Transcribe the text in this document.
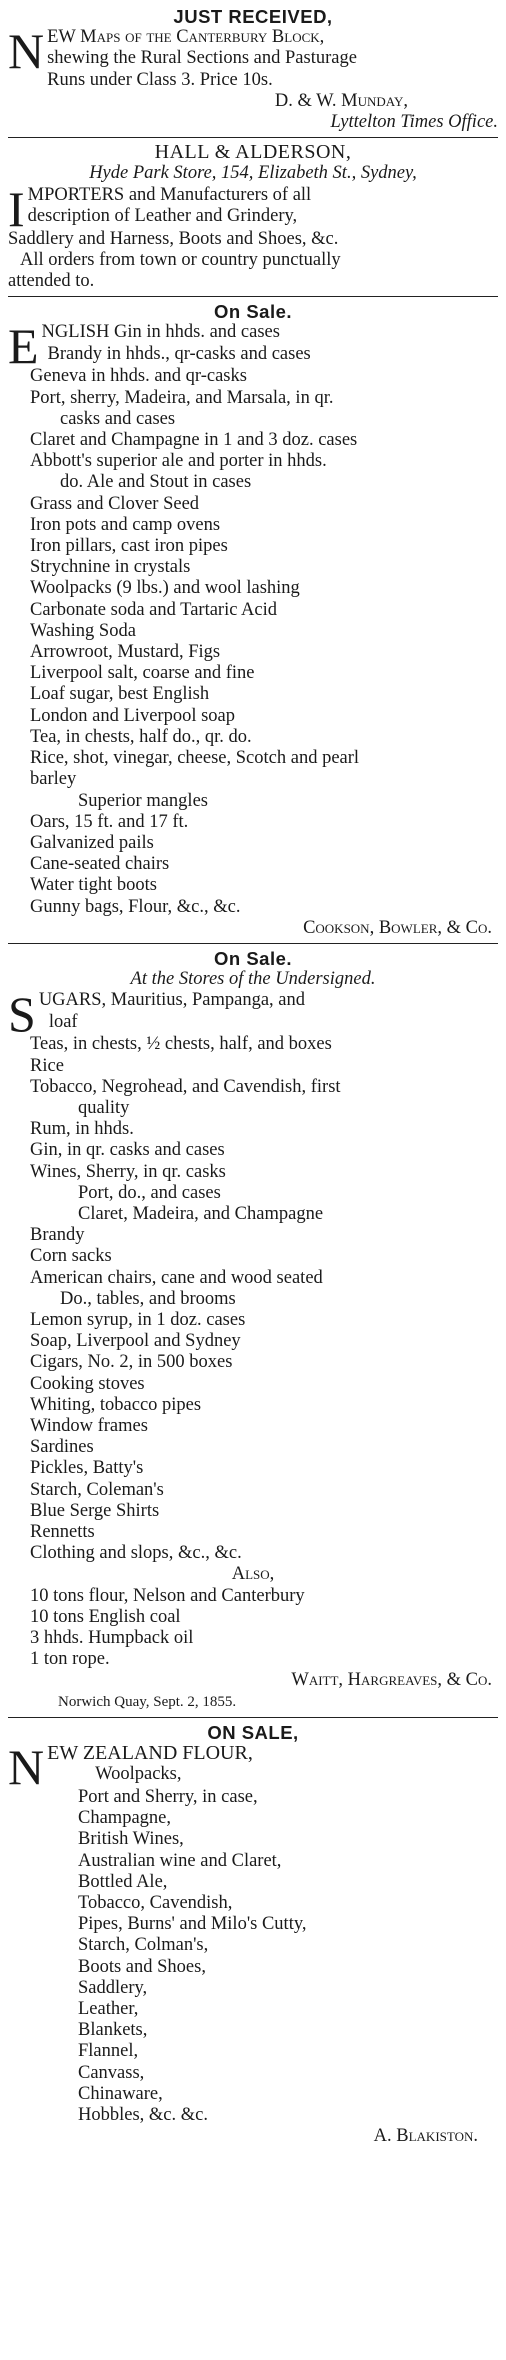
JUST RECEIVED,
N EW Maps of the Canterbury Block,
shewing the Rural Sections and Pasturage
Runs under Class 3. Price 10s.
D. & W. Munday,
Lyttelton Times Office.
HALL & ALDERSON,
Hyde Park Store, 154, Elizabeth St., Sydney,
I MPORTERS and Manufacturers of all
description of Leather and Grindery,
Saddlery and Harness, Boots and Shoes, &c.
All orders from town or country punctually
attended to.
On Sale.
E NGLISH Gin in hhds. and cases
Brandy in hhds., qr-casks and cases
Geneva in hhds. and qr-casks
Port, sherry, Madeira, and Marsala, in qr.
casks and cases
Claret and Champagne in 1 and 3 doz. cases
Abbott's superior ale and porter in hhds.
do. Ale and Stout in cases
Grass and Clover Seed
Iron pots and camp ovens
Iron pillars, cast iron pipes
Strychnine in crystals
Woolpacks (9 lbs.) and wool lashing
Carbonate soda and Tartaric Acid
Washing Soda
Arrowroot, Mustard, Figs
Liverpool salt, coarse and fine
Loaf sugar, best English
London and Liverpool soap
Tea, in chests, half do., qr. do.
Rice, shot, vinegar, cheese, Scotch and pearl
barley
Superior mangles
Oars, 15 ft. and 17 ft.
Galvanized pails
Cane-seated chairs
Water tight boots
Gunny bags, Flour, &c., &c.
Cookson, Bowler, & Co.
On Sale.
At the Stores of the Undersigned.
S UGARS, Mauritius, Pampanga, and
loaf
Teas, in chests, ½ chests, half, and boxes
Rice
Tobacco, Negrohead, and Cavendish, first
quality
Rum, in hhds.
Gin, in qr. casks and cases
Wines, Sherry, in qr. casks
Port, do., and cases
Claret, Madeira, and Champagne
Brandy
Corn sacks
American chairs, cane and wood seated
Do., tables, and brooms
Lemon syrup, in 1 doz. cases
Soap, Liverpool and Sydney
Cigars, No. 2, in 500 boxes
Cooking stoves
Whiting, tobacco pipes
Window frames
Sardines
Pickles, Batty's
Starch, Coleman's
Blue Serge Shirts
Rennetts
Clothing and slops, &c., &c.
Also,
10 tons flour, Nelson and Canterbury
10 tons English coal
3 hhds. Humpback oil
1 ton rope.
Waitt, Hargreaves, & Co.
Norwich Quay, Sept. 2, 1855.
ON SALE,
N EW ZEALAND FLOUR,
Woolpacks,
Port and Sherry, in case,
Champagne,
British Wines,
Australian wine and Claret,
Bottled Ale,
Tobacco, Cavendish,
Pipes, Burns' and Milo's Cutty,
Starch, Colman's,
Boots and Shoes,
Saddlery,
Leather,
Blankets,
Flannel,
Canvass,
Chinaware,
Hobbles, &c. &c.
A. Blakiston.
